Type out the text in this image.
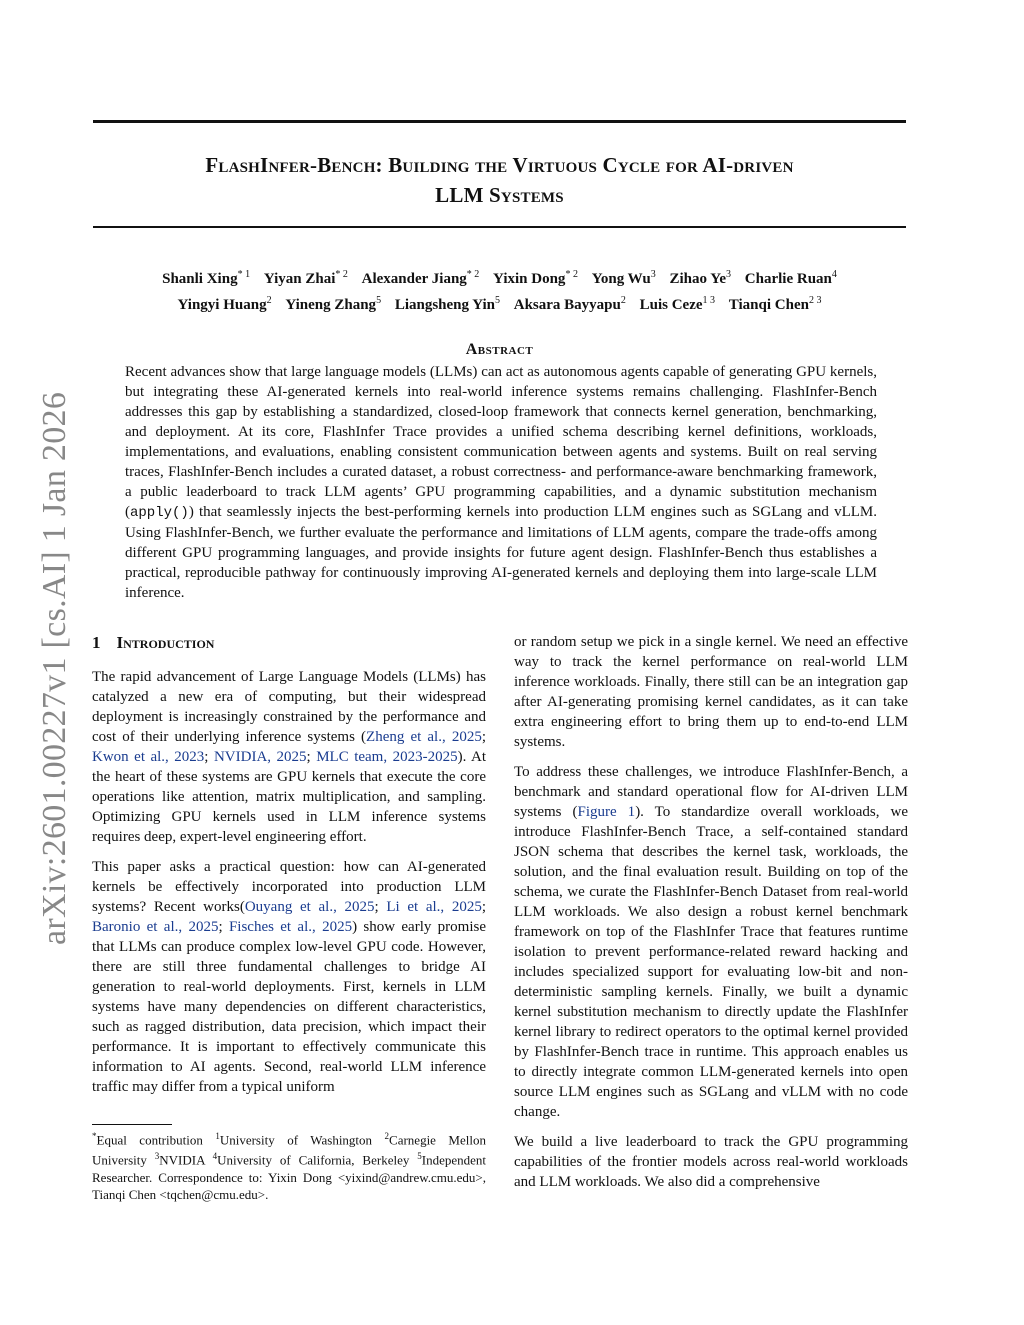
arXiv:2601.00227v1 [cs.AI] 1 Jan 2026
FlashInfer-Bench: Building the Virtuous Cycle for AI-driven
LLM Systems
Shanli Xing$^{* 1}$ Yiyan Zhai$^{* 2}$ Alexander Jiang$^{* 2}$ Yixin Dong$^{* 2}$ Yong Wu$^3$ Zihao Ye$^3$ Charlie Ruan$^4$
Yingyi Huang$^2$ Yineng Zhang$^5$ Liangsheng Yin$^5$ Aksara Bayyapu$^2$ Luis Ceze$^{1 3}$ Tianqi Chen$^{2 3}$
Abstract
Recent advances show that large language models (LLMs) can act as autonomous agents capable of generating GPU kernels, but integrating these AI-generated kernels into real-world inference systems remains challenging. FlashInfer-Bench addresses this gap by establishing a standardized, closed-loop framework that connects kernel generation, benchmarking, and deployment. At its core, FlashInfer Trace provides a unified schema describing kernel definitions, workloads, implementations, and evaluations, enabling consistent communication between agents and systems. Built on real serving traces, FlashInfer-Bench includes a curated dataset, a robust correctness- and performance-aware benchmarking framework, a public leaderboard to track LLM agents’ GPU programming capabilities, and a dynamic substitution mechanism (apply()) that seamlessly injects the best-performing kernels into production LLM engines such as SGLang and vLLM. Using FlashInfer-Bench, we further evaluate the performance and limitations of LLM agents, compare the trade-offs among different GPU programming languages, and provide insights for future agent design. FlashInfer-Bench thus establishes a practical, reproducible pathway for continuously improving AI-generated kernels and deploying them into large-scale LLM inference.
1 Introduction

The rapid advancement of Large Language Models (LLMs) has catalyzed a new era of computing, but their widespread deployment is increasingly constrained by the performance and cost of their underlying inference systems (Zheng et al., 2025; Kwon et al., 2023; NVIDIA, 2025; MLC team, 2023-2025). At the heart of these systems are GPU kernels that execute the core operations like attention, matrix multiplication, and sampling. Optimizing GPU kernels used in LLM inference systems requires deep, expert-level engineering effort.

This paper asks a practical question: how can AI-generated kernels be effectively incorporated into production LLM systems? Recent works(Ouyang et al., 2025; Li et al., 2025; Baronio et al., 2025; Fisches et al., 2025) show early promise that LLMs can produce complex low-level GPU code. However, there are still three fundamental challenges to bridge AI generation to real-world deployments. First, kernels in LLM systems have many dependencies on different characteristics, such as ragged distribution, data precision, which impact their performance. It is important to effectively communicate this information to AI agents. Second, real-world LLM inference traffic may differ from a typical uniform

*Equal contribution $^1$University of Washington $^2$Carnegie Mellon University $^3$NVIDIA $^4$University of California, Berkeley $^5$Independent Researcher. Correspondence to: Yixin Dong <yixind@andrew.cmu.edu>, Tianqi Chen <tqchen@cmu.edu>.

or random setup we pick in a single kernel. We need an effective way to track the kernel performance on real-world LLM inference workloads. Finally, there still can be an integration gap after AI-generating promising kernel candidates, as it can take extra engineering effort to bring them up to end-to-end LLM systems.

To address these challenges, we introduce FlashInfer-Bench, a benchmark and standard operational flow for AI-driven LLM systems (Figure 1). To standardize overall workloads, we introduce FlashInfer-Bench Trace, a self-contained standard JSON schema that describes the kernel task, workloads, the solution, and the final evaluation result. Building on top of the schema, we curate the FlashInfer-Bench Dataset from real-world LLM workloads. We also design a robust kernel benchmark framework on top of the FlashInfer Trace that features runtime isolation to prevent performance-related reward hacking and includes specialized support for evaluating low-bit and non-deterministic sampling kernels. Finally, we built a dynamic kernel substitution mechanism to directly update the FlashInfer kernel library to redirect operators to the optimal kernel provided by FlashInfer-Bench trace in runtime. This approach enables us to directly integrate common LLM-generated kernels into open source LLM engines such as SGLang and vLLM with no code change.

We build a live leaderboard to track the GPU programming capabilities of the frontier models across real-world workloads and LLM workloads. We also did a comprehensive
